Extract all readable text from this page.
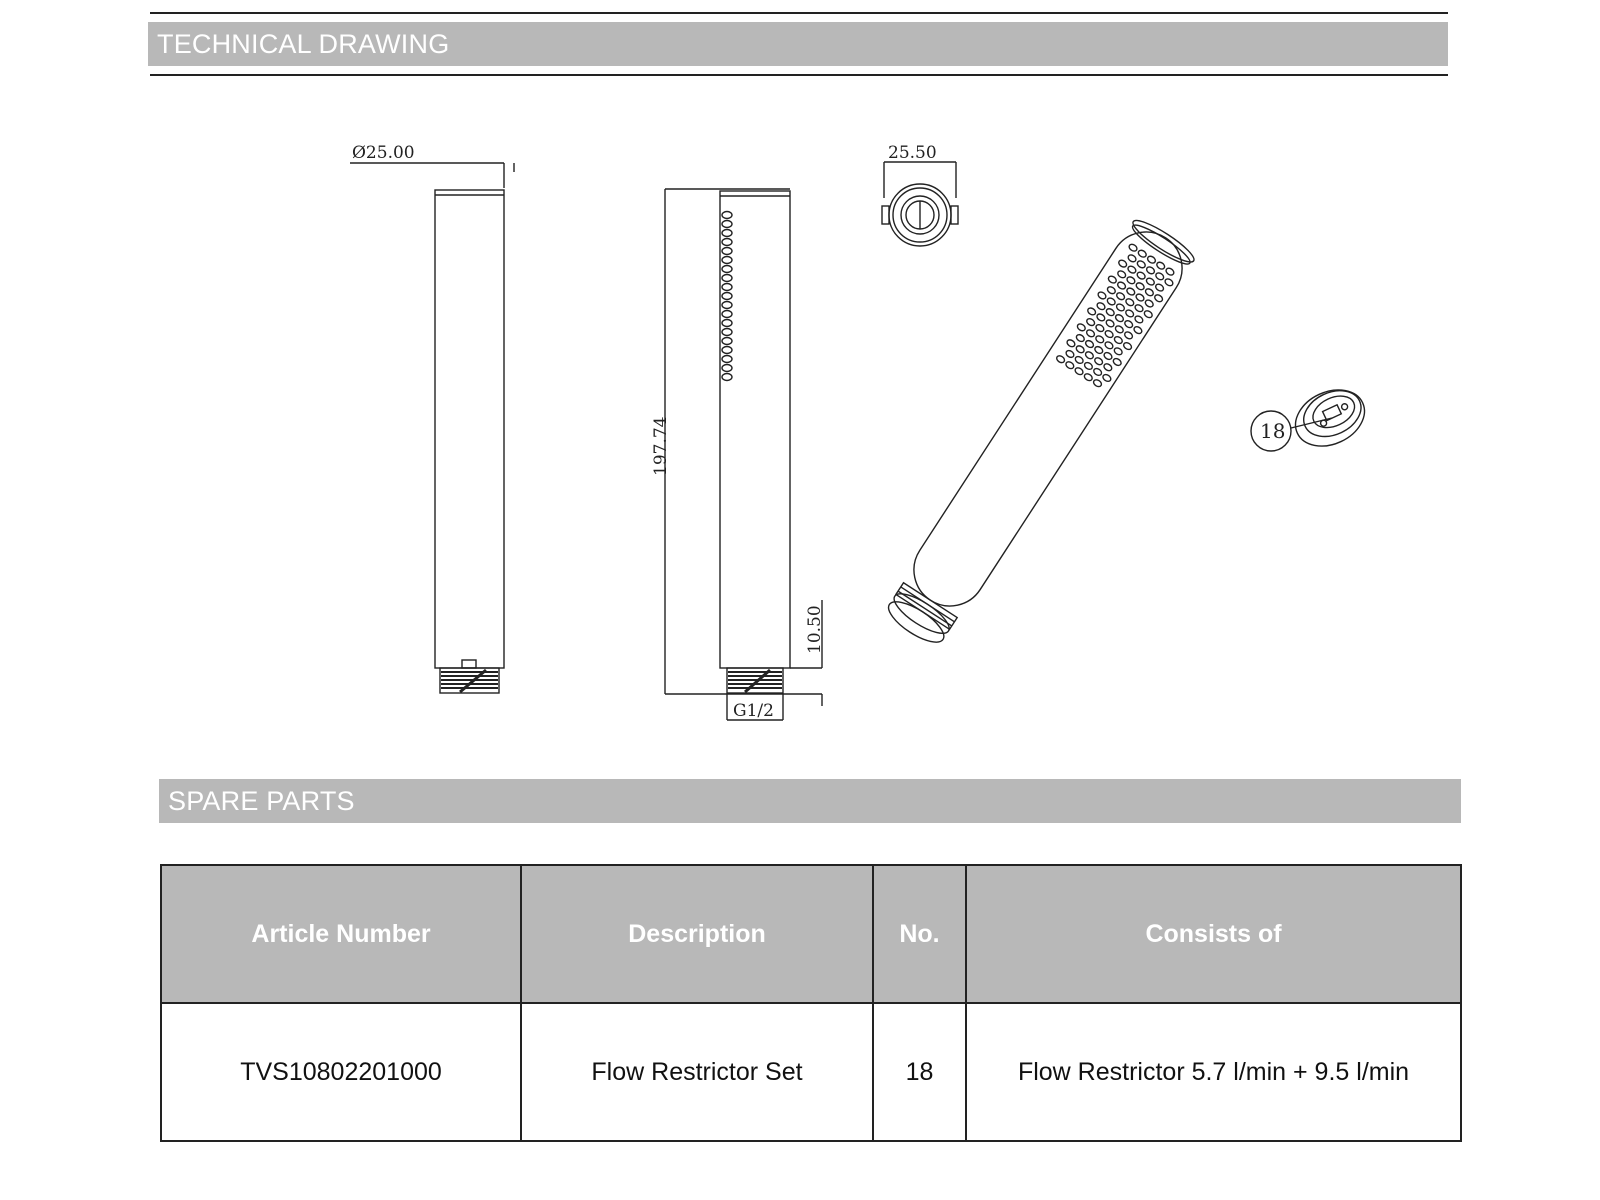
TECHNICAL DRAWING
Ø25.00	25.50
197.74
10.50
G1/2
18
SPARE PARTS
Article Number	Description	No.	Consists of
TVS10802201000	Flow Restrictor Set	18	Flow Restrictor 5.7 l/min + 9.5 l/min
